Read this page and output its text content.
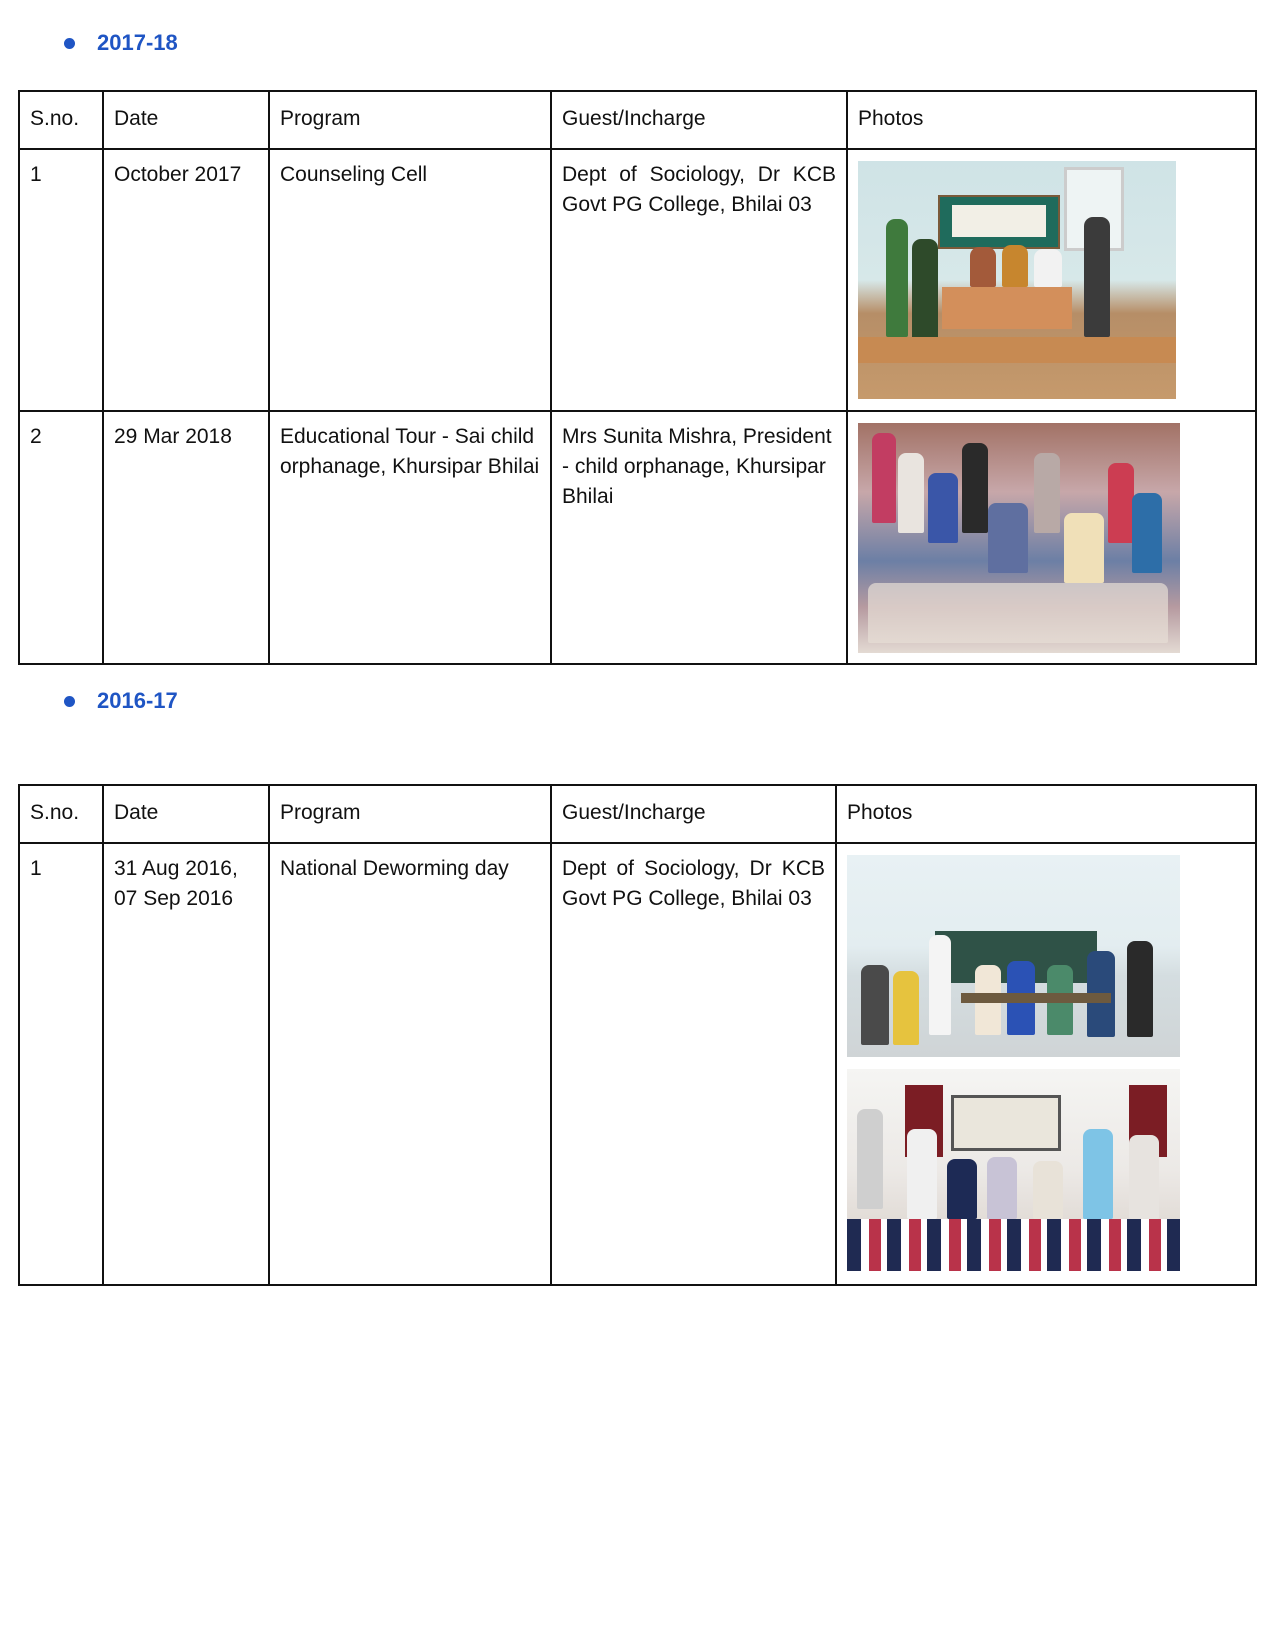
2017-18
S.no.	Date	Program	Guest/Incharge	Photos
1	October 2017	Counseling Cell	Dept of Sociology, Dr KCB Govt PG College, Bhilai 03	

2	29 Mar 2018	Educational Tour - Sai child orphanage, Khursipar Bhilai	Mrs Sunita Mishra, President - child orphanage, Khursipar Bhilai	
2016-17
S.no.	Date	Program	Guest/Incharge	Photos
1	31 Aug 2016, 07 Sep 2016	National Deworming day	Dept of Sociology, Dr KCB Govt PG College, Bhilai 03	
